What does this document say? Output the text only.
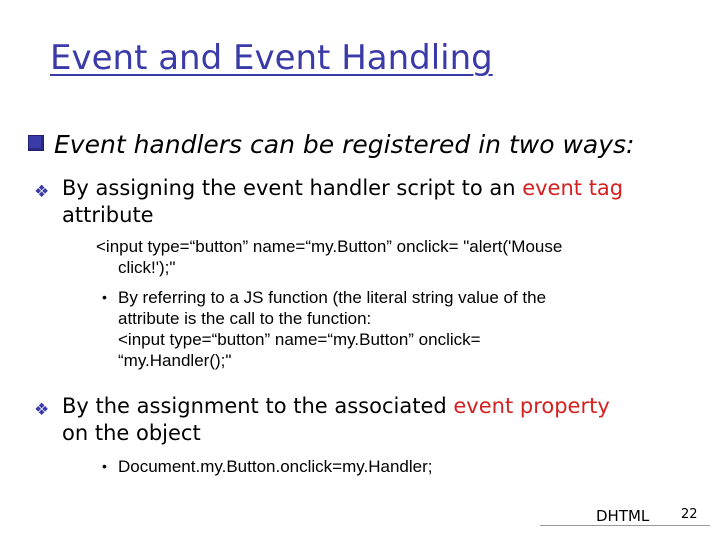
Event and Event Handling
Event handlers can be registered in two ways:
❖ By assigning the event handler script to an event tag
attribute
<input type=“button” name=“my.Button” onclick= "alert('Mouse
click!');"
• By referring to a JS function (the literal string value of the
attribute is the call to the function:
<input type=“button” name=“my.Button” onclick=
“my.Handler();"
❖ By the assignment to the associated event property
on the object
• Document.my.Button.onclick=my.Handler;
DHTML 22
